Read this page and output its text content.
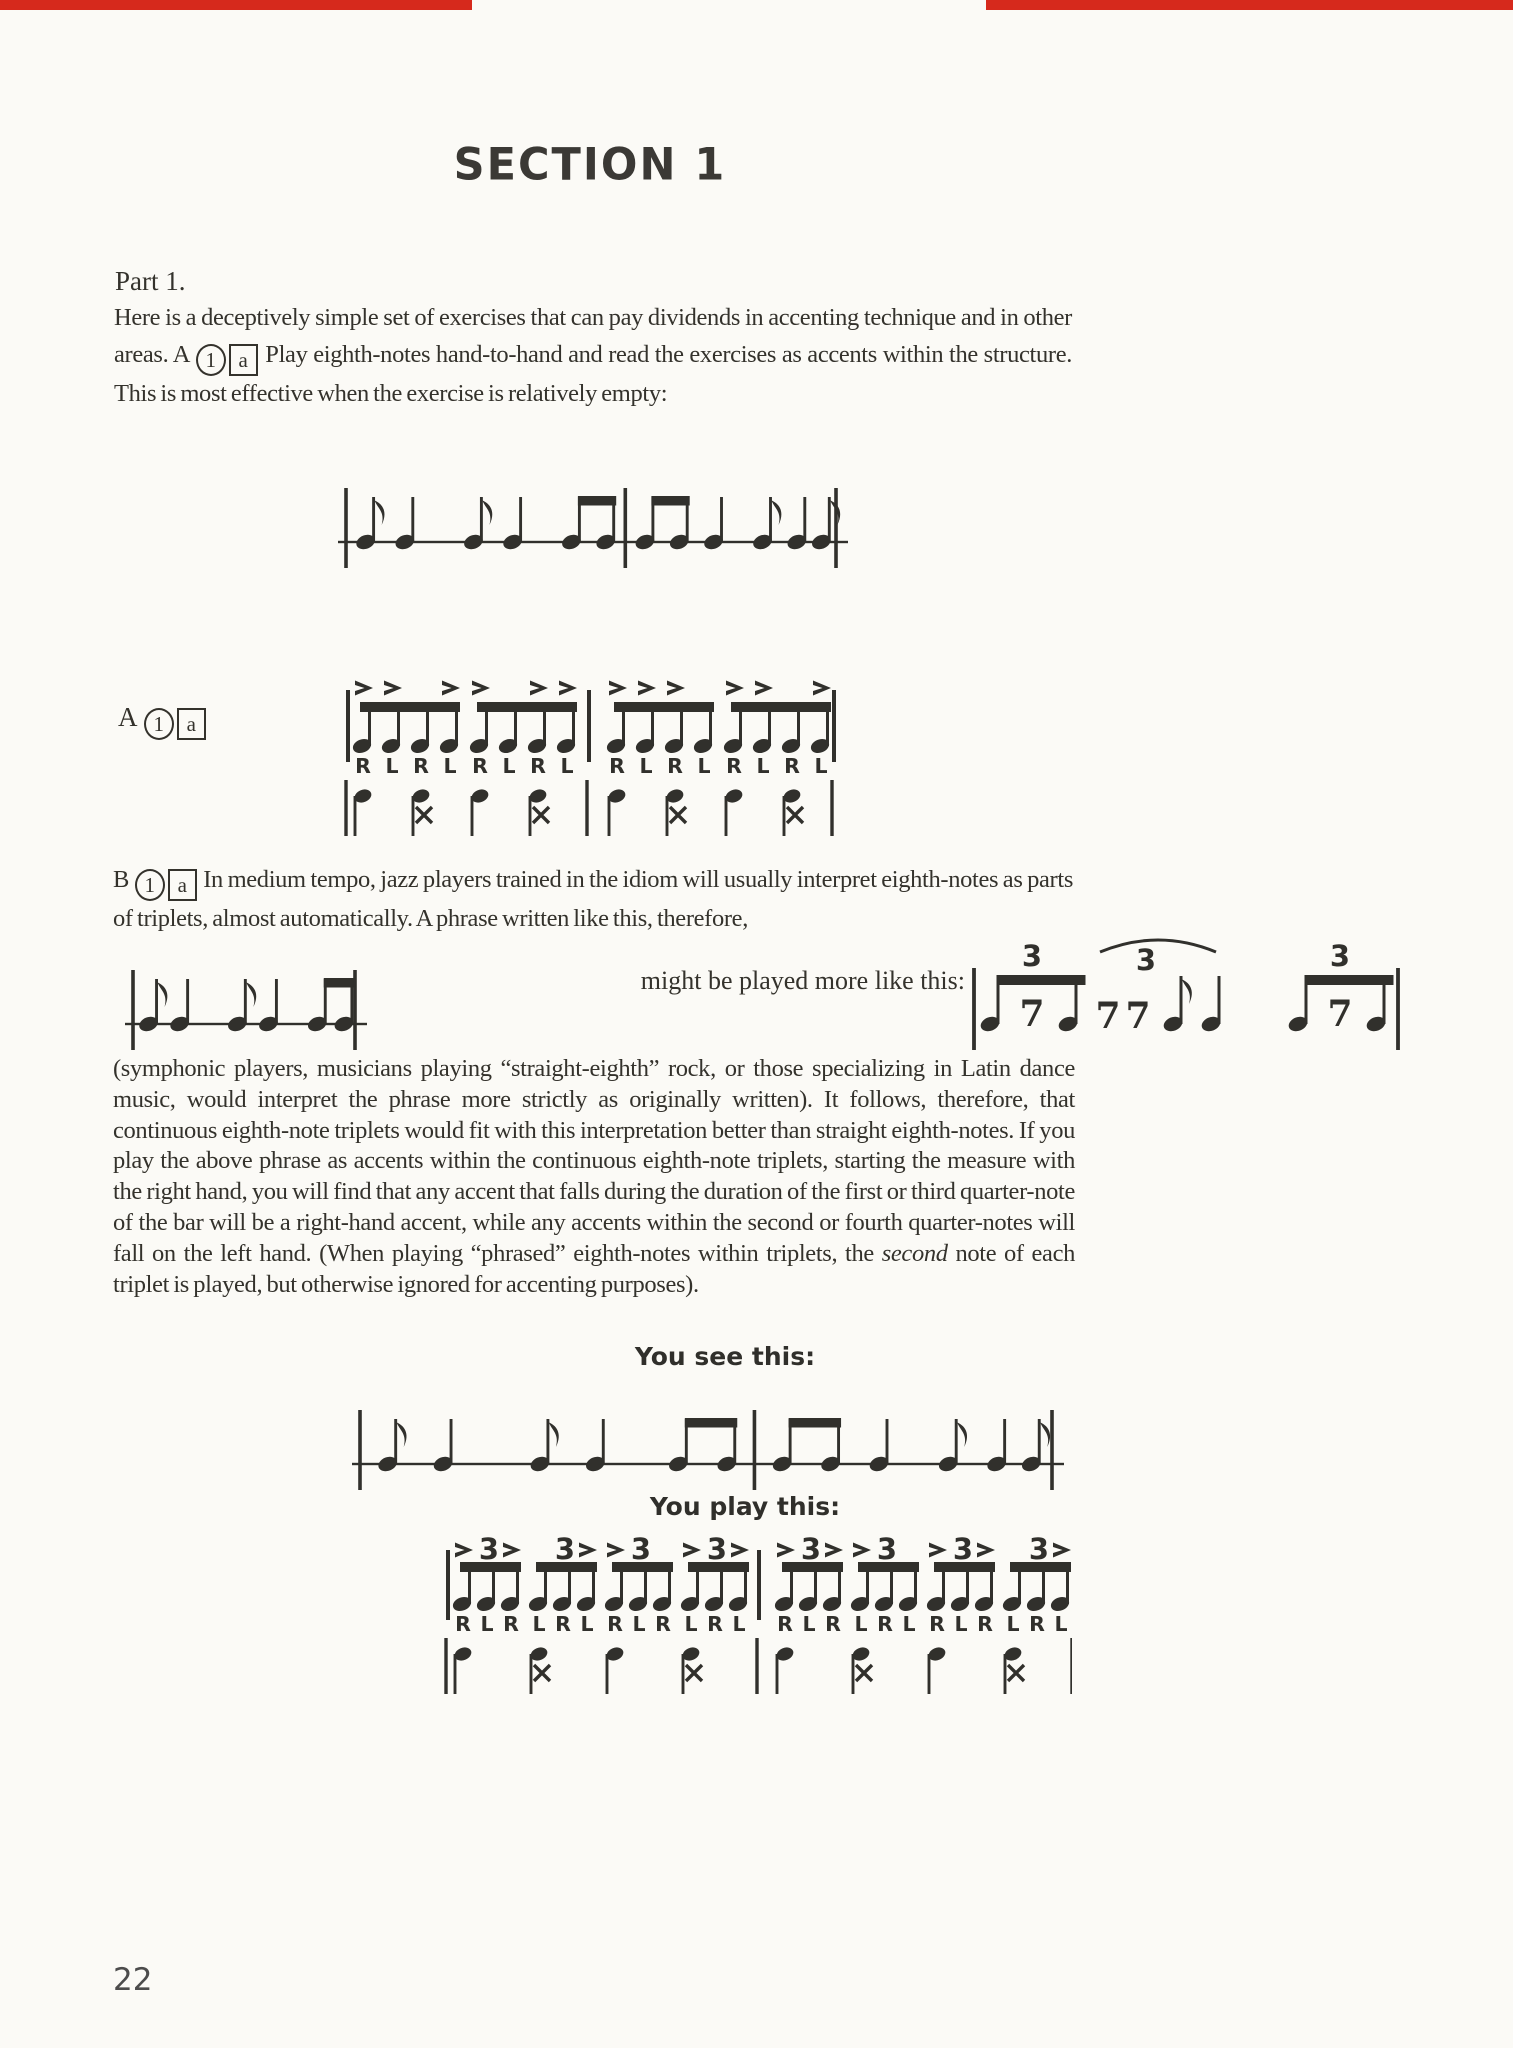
SECTION 1
Part 1.
Here is a deceptively simple set of exercises that can pay dividends in accenting technique and in other areas. A 1 a Play eighth-notes hand-to-hand and read the exercises as accents within the structure. This is most effective when the exercise is relatively empty:
A 1 a
R L R L R L R L R L R L R L R L
B 1 a In medium tempo, jazz players trained in the idiom will usually interpret eighth-notes as parts of triplets, almost automatically. A phrase written like this, therefore,
might be played more like this:
7
3
7 7
3
7
3
(symphonic players, musicians playing “straight-eighth” rock, or those specializing in Latin dance music, would interpret the phrase more strictly as originally written). It follows, therefore, that continuous eighth-note triplets would fit with this interpretation better than straight eighth-notes. If you play the above phrase as accents within the continuous eighth-note triplets, starting the measure with the right hand, you will find that any accent that falls during the duration of the first or third quarter-note of the bar will be a right-hand accent, while any accents within the second or fourth quarter-notes will fall on the left hand. (When playing “phrased” eighth-notes within triplets, the second note of each triplet is played, but otherwise ignored for accenting purposes).
You see this:
You play this:
R L R
3
L R L
3
R L R
3
L R L
3
R L R
3
L R L
3
R L R
3
L R L
3
22
